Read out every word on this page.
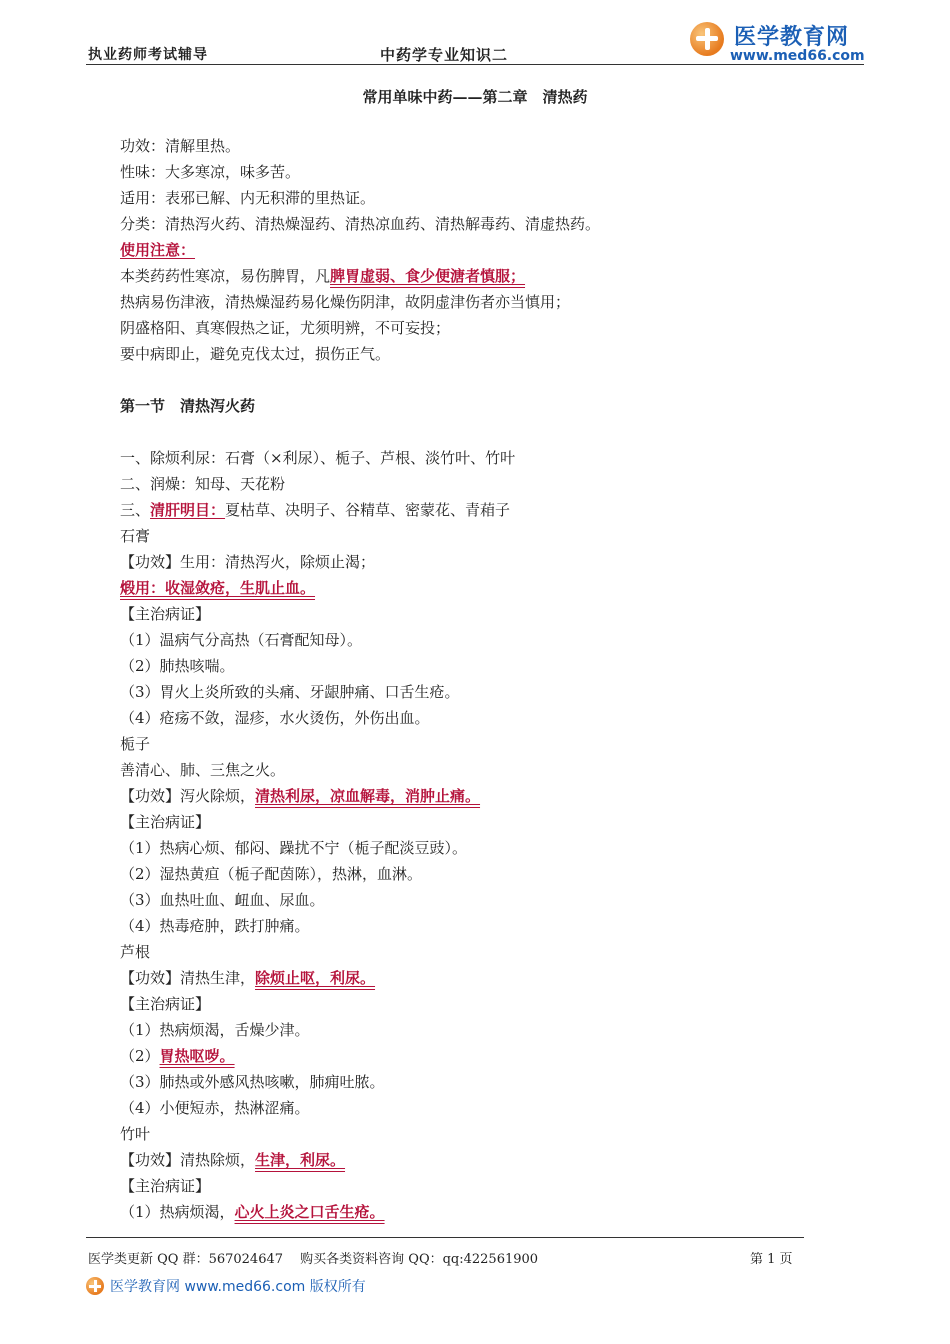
执业药师考试辅导	中药学专业知识二
医学教育网
www.med66.com
常用单味中药——第二章　清热药
功效：清解里热。
性味：大多寒凉，味多苦。
适用：表邪已解、内无积滞的里热证。
分类：清热泻火药、清热燥湿药、清热凉血药、清热解毒药、清虚热药。
使用注意：
本类药药性寒凉，易伤脾胃，凡脾胃虚弱、食少便溏者慎服；
热病易伤津液，清热燥湿药易化燥伤阴津，故阴虚津伤者亦当慎用；
阴盛格阳、真寒假热之证，尤须明辨，不可妄投；
要中病即止，避免克伐太过，损伤正气。
第一节　清热泻火药
一、除烦利尿：石膏（×利尿）、栀子、芦根、淡竹叶、竹叶
二、润燥：知母、天花粉
三、清肝明目：夏枯草、决明子、谷精草、密蒙花、青葙子
石膏
【功效】生用：清热泻火，除烦止渴；
煅用：收湿敛疮，生肌止血。
【主治病证】
（1）温病气分高热（石膏配知母）。
（2）肺热咳喘。
（3）胃火上炎所致的头痛、牙龈肿痛、口舌生疮。
（4）疮疡不敛，湿疹，水火烫伤，外伤出血。
栀子
善清心、肺、三焦之火。
【功效】泻火除烦，清热利尿，凉血解毒，消肿止痛。
【主治病证】
（1）热病心烦、郁闷、躁扰不宁（栀子配淡豆豉）。
（2）湿热黄疸（栀子配茵陈），热淋，血淋。
（3）血热吐血、衄血、尿血。
（4）热毒疮肿，跌打肿痛。
芦根
【功效】清热生津，除烦止呕，利尿。
【主治病证】
（1）热病烦渴，舌燥少津。
（2）胃热呕哕。
（3）肺热或外感风热咳嗽，肺痈吐脓。
（4）小便短赤，热淋涩痛。
竹叶
【功效】清热除烦，生津，利尿。
【主治病证】
（1）热病烦渴，心火上炎之口舌生疮。
医学类更新 QQ 群：567024647　 购买各类资料咨询 QQ：qq:422561900	第 1 页
医学教育网 www.med66.com 版权所有
